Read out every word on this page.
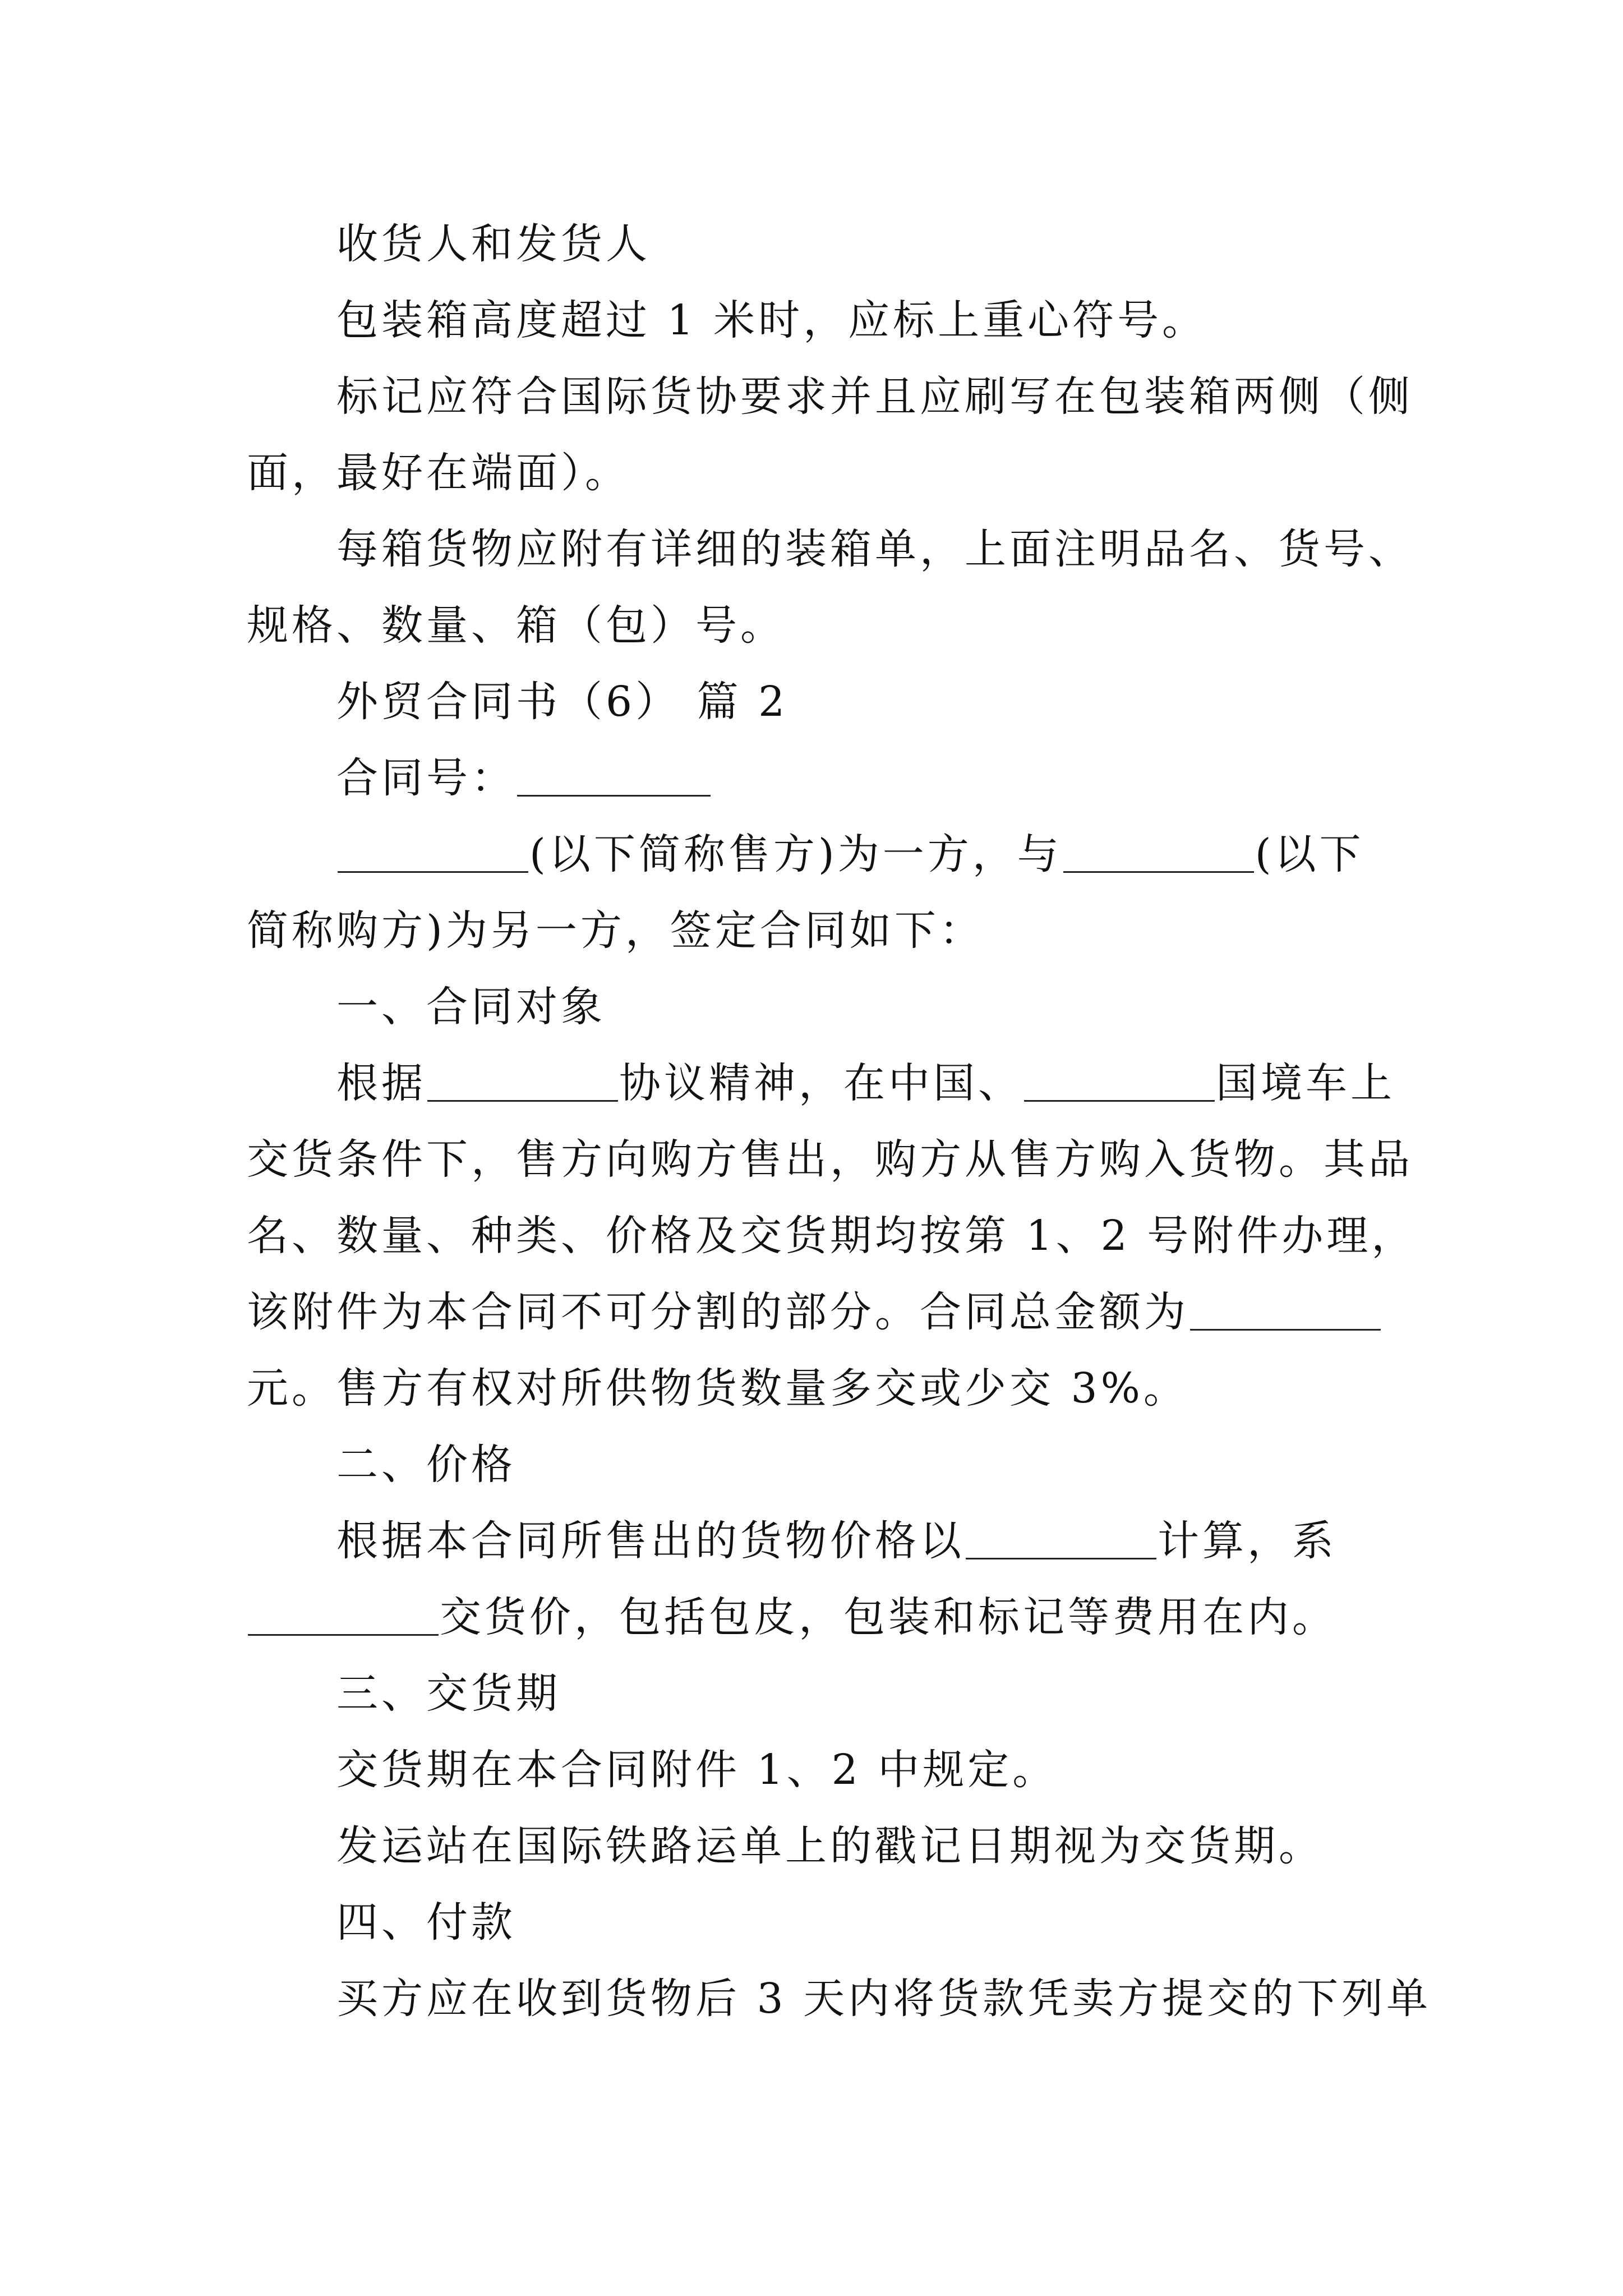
收货人和发货人
包装箱高度超过 1 米时，应标上重心符号。
标记应符合国际货协要求并且应刷写在包装箱两侧（侧
面，最好在端面）。
每箱货物应附有详细的装箱单，上面注明品名、货号、
规格、数量、箱（包）号。
外贸合同书（6） 篇 2
合同号：
(以下简称售方)为一方，与	(以下
简称购方)为另一方，签定合同如下：
一、合同对象
根据	协议精神，在中国、	国境车上
交货条件下，售方向购方售出，购方从售方购入货物。其品
名、数量、种类、价格及交货期均按第 1、2 号附件办理，
该附件为本合同不可分割的部分。合同总金额为
元。售方有权对所供物货数量多交或少交 3%。
二、价格
根据本合同所售出的货物价格以	计算，系
交货价，包括包皮，包装和标记等费用在内。
三、交货期
交货期在本合同附件 1、2 中规定。
发运站在国际铁路运单上的戳记日期视为交货期。
四、付款
买方应在收到货物后 3 天内将货款凭卖方提交的下列单
